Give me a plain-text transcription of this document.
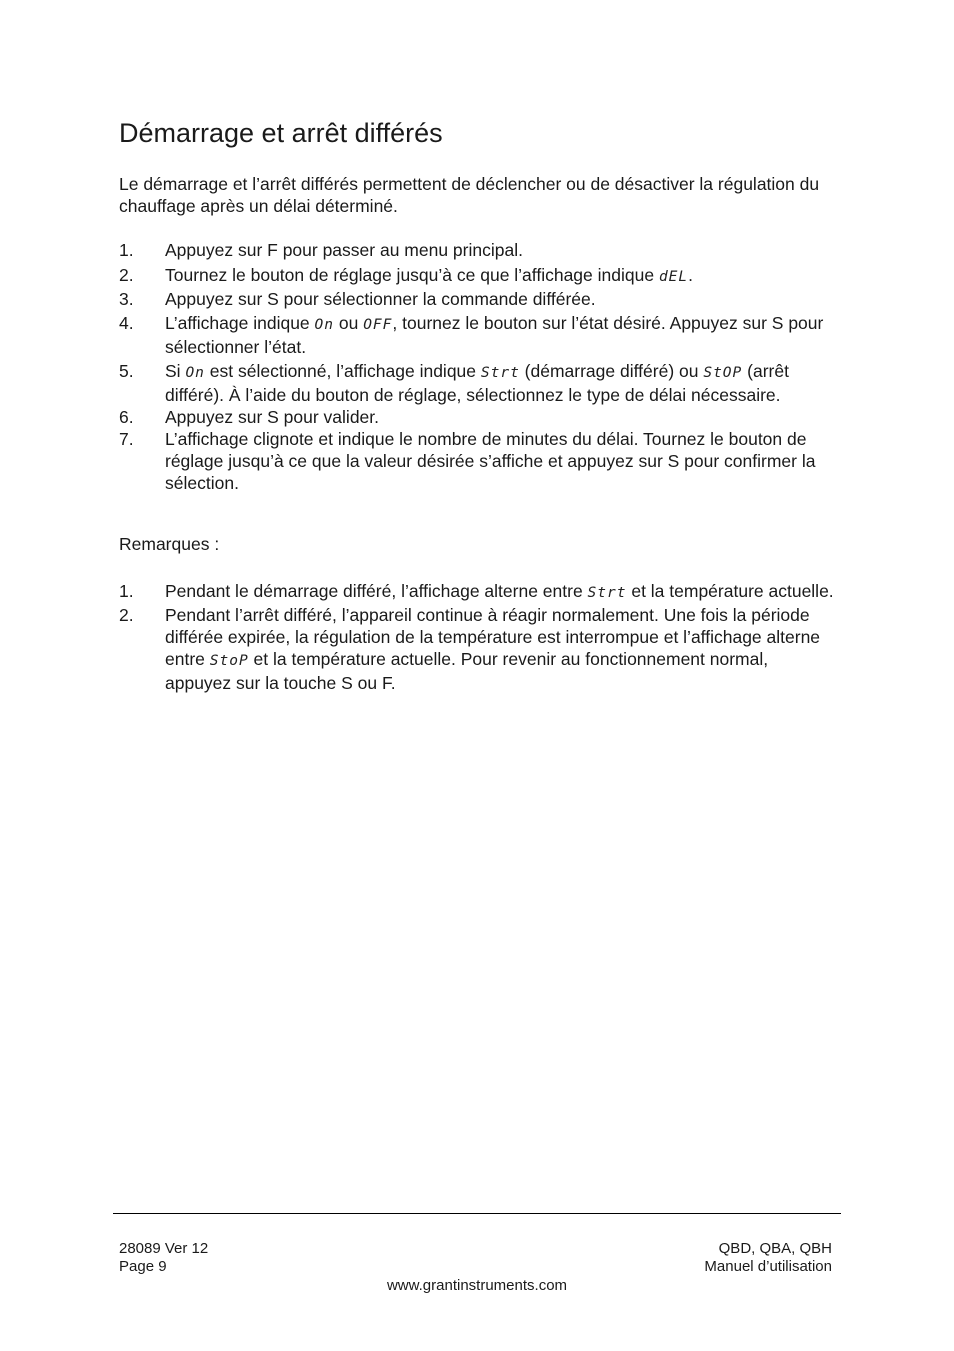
Démarrage et arrêt différés

Le démarrage et l’arrêt différés permettent de déclencher ou de désactiver la régulation du chauffage après un délai déterminé.

1. Appuyez sur F pour passer au menu principal.
2. Tournez le bouton de réglage jusqu’à ce que l’affichage indique dEL.
3. Appuyez sur S pour sélectionner la commande différée.
4. L’affichage indique On ou OFF, tournez le bouton sur l’état désiré. Appuyez sur S pour sélectionner l’état.
5. Si On est sélectionné, l’affichage indique Strt (démarrage différé) ou StOP (arrêt différé). À l’aide du bouton de réglage, sélectionnez le type de délai nécessaire.
6. Appuyez sur S pour valider.
7. L’affichage clignote et indique le nombre de minutes du délai. Tournez le bouton de réglage jusqu’à ce que la valeur désirée s’affiche et appuyez sur S pour confirmer la sélection.

Remarques :

1. Pendant le démarrage différé, l’affichage alterne entre Strt et la température actuelle.
2. Pendant l’arrêt différé, l’appareil continue à réagir normalement. Une fois la période différée expirée, la régulation de la température est interrompue et l’affichage alterne entre StoP et la température actuelle. Pour revenir au fonctionnement normal, appuyez sur la touche S ou F.
28089 Ver 12
Page 9
QBD, QBA, QBH
Manuel d’utilisation
www.grantinstruments.com
